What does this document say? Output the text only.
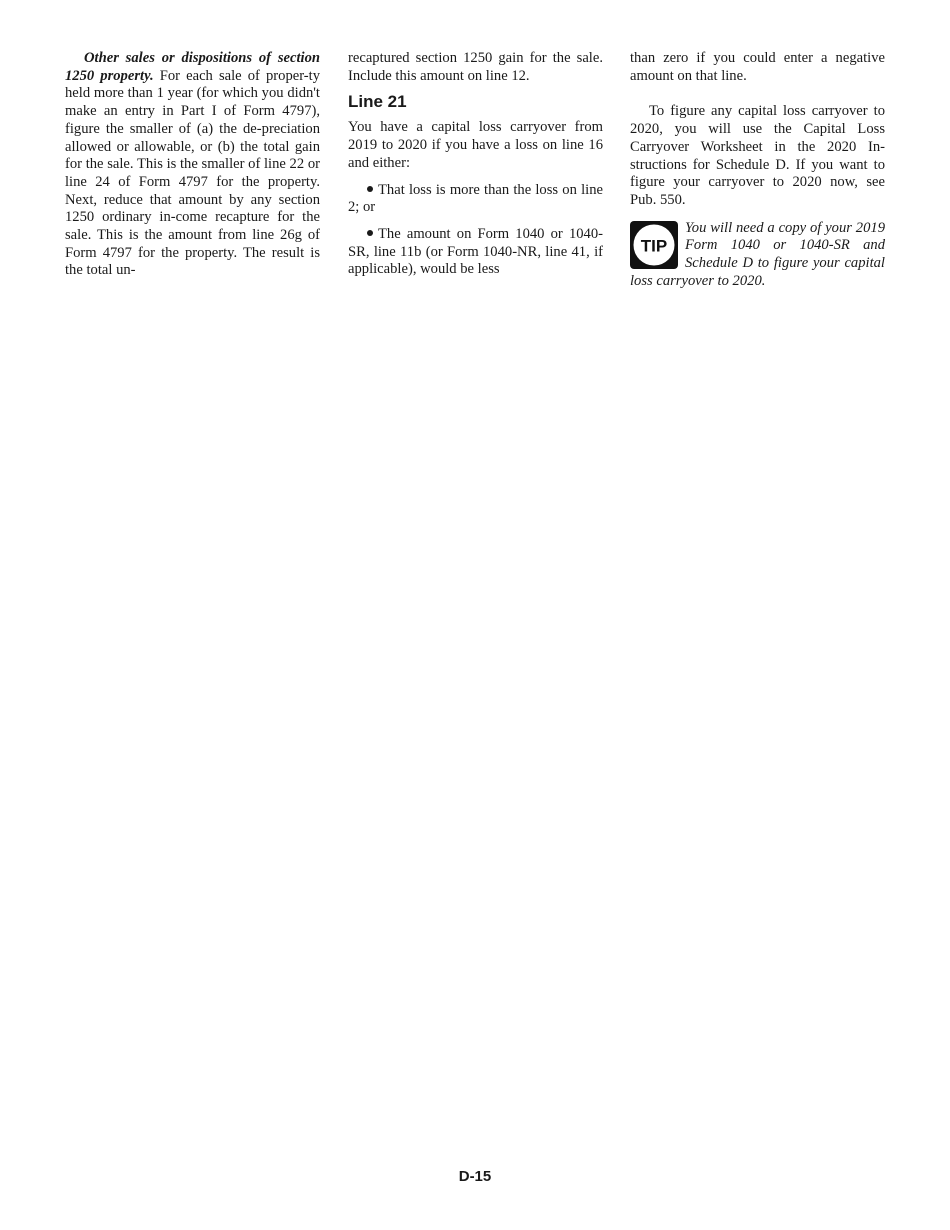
Other sales or dispositions of section 1250 property. For each sale of proper-ty held more than 1 year (for which you didn't make an entry in Part I of Form 4797), figure the smaller of (a) the de-preciation allowed or allowable, or (b) the total gain for the sale. This is the smaller of line 22 or line 24 of Form 4797 for the property. Next, reduce that amount by any section 1250 ordinary in-come recapture for the sale. This is the amount from line 26g of Form 4797 for the property. The result is the total un-

recaptured section 1250 gain for the sale. Include this amount on line 12.

Line 21

You have a capital loss carryover from 2019 to 2020 if you have a loss on line 16 and either:

That loss is more than the loss on line 2; or

The amount on Form 1040 or 1040-SR, line 11b (or Form 1040-NR, line 41, if applicable), would be less

than zero if you could enter a negative amount on that line.

To figure any capital loss carryover to 2020, you will use the Capital Loss Carryover Worksheet in the 2020 In-structions for Schedule D. If you want to figure your carryover to 2020 now, see Pub. 550.

TIP

You will need a copy of your 2019 Form 1040 or 1040-SR and Schedule D to figure your capital loss carryover to 2020.

D-15
